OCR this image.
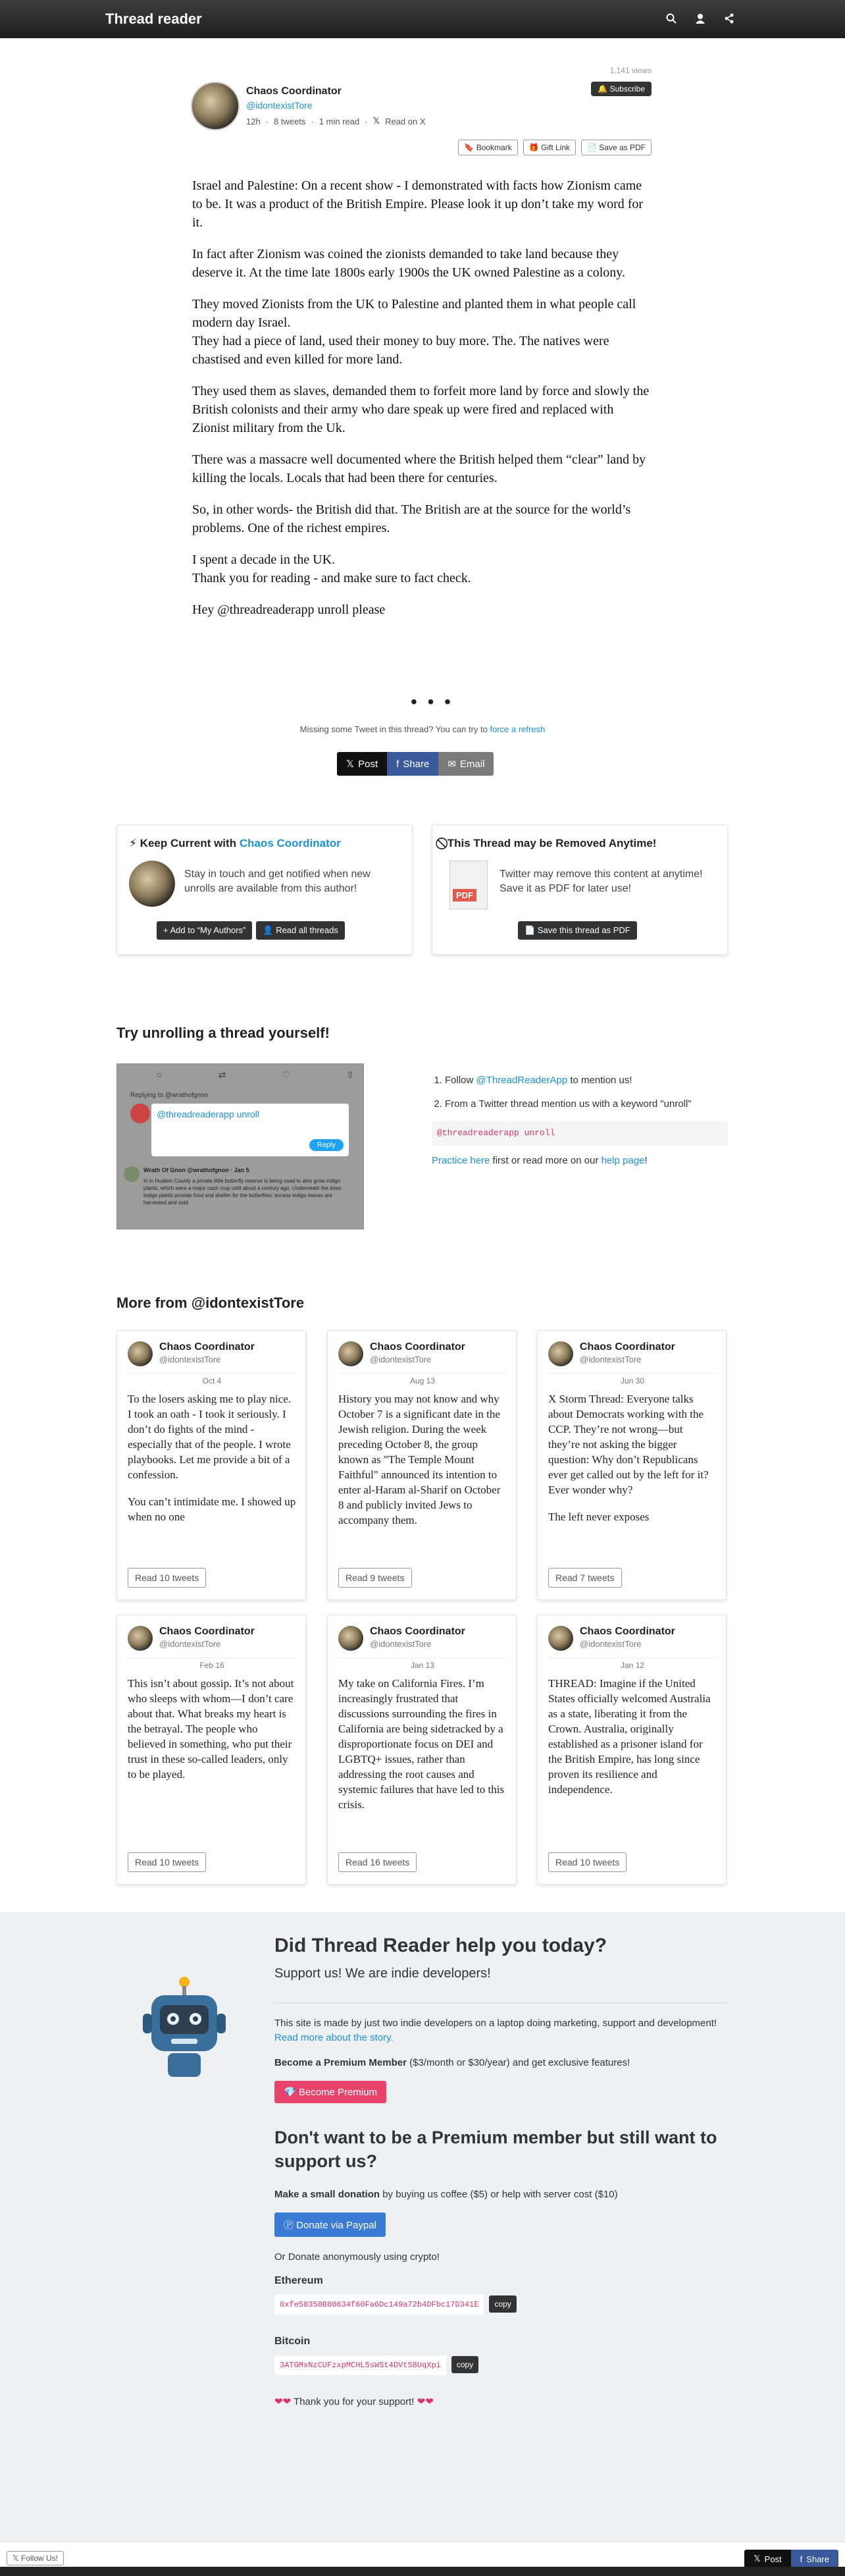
Thread reader
1,141 views
Chaos Coordinator
@idontexistTore
12h · 8 tweets · 1 min read · 𝕏 Read on X
🔔 Subscribe
🔖 Bookmark	🎁 Gift Link	📄 Save as PDF

Israel and Palestine: On a recent show - I demonstrated with facts how Zionism came to be. It was a product of the British Empire. Please look it up don’t take my word for it.

In fact after Zionism was coined the zionists demanded to take land because they deserve it. At the time late 1800s early 1900s the UK owned Palestine as a colony.

They moved Zionists from the UK to Palestine and planted them in what people call modern day Israel.
They had a piece of land, used their money to buy more. The. The natives were chastised and even killed for more land.

They used them as slaves, demanded them to forfeit more land by force and slowly the British colonists and their army who dare speak up were fired and replaced with Zionist military from the Uk.

There was a massacre well documented where the British helped them “clear” land by killing the locals. Locals that had been there for centuries.

So, in other words- the British did that. The British are at the source for the world’s problems. One of the richest empires.

I spent a decade in the UK.
Thank you for reading - and make sure to fact check.

Hey @threadreaderapp unroll please

• • •
Missing some Tweet in this thread? You can try to force a refresh
𝕏 Post f Share ✉ Email
⚡ Keep Current with Chaos Coordinator
Stay in touch and get notified when new unrolls are available from this author!
+ Add to “My Authors”	👤 Read all threads
⃠ This Thread may be Removed Anytime!
PDF
Twitter may remove this content at anytime! Save it as PDF for later use!
📄 Save this thread as PDF
Try unrolling a thread yourself!
○	⇄	♡	⇧
Replying to @wrathofgnon
@threadreaderapp unroll
Reply
Wrath Of Gnon @wrathofgnon · Jan 5
In in Hualien County a private little butterfly reserve is being used to also grow indigo plants, which were a major cash crop until about a century ago. Underneath the trees indigo plants provide food and shelter for the butterflies: excess indigo leaves are harvested and sold.
1. Follow @ThreadReaderApp to mention us!
2. From a Twitter thread mention us with a keyword "unroll"
@threadreaderapp unroll
Practice here first or read more on our help page!
More from @idontexistTore
Chaos Coordinator
@idontexistTore
Oct 4

To the losers asking me to play nice. I took an oath - I took it seriously. I don’t do fights of the mind - especially that of the people. I wrote playbooks. Let me provide a bit of a confession.

You can’t intimidate me. I showed up when no one

Read 10 tweets
Chaos Coordinator
@idontexistTore
Aug 13

History you may not know and why October 7 is a significant date in the Jewish religion. During the week preceding October 8, the group known as "The Temple Mount Faithful" announced its intention to enter al-Haram al-Sharif on October 8 and publicly invited Jews to accompany them.

Read 9 tweets
Chaos Coordinator
@idontexistTore
Jun 30

X Storm Thread: Everyone talks about Democrats working with the CCP. They’re not wrong—but they’re not asking the bigger question: Why don’t Republicans ever get called out by the left for it? Ever wonder why?

The left never exposes

Read 7 tweets
Chaos Coordinator
@idontexistTore
Feb 16

This isn’t about gossip. It’s not about who sleeps with whom—I don’t care about that. What breaks my heart is the betrayal. The people who believed in something, who put their trust in these so-called leaders, only to be played.

Read 10 tweets
Chaos Coordinator
@idontexistTore
Jan 13

My take on California Fires. I’m increasingly frustrated that discussions surrounding the fires in California are being sidetracked by a disproportionate focus on DEI and LGBTQ+ issues, rather than addressing the root causes and systemic failures that have led to this crisis.

Read 16 tweets
Chaos Coordinator
@idontexistTore
Jan 12

THREAD: Imagine if the United States officially welcomed Australia as a state, liberating it from the Crown. Australia, originally established as a prisoner island for the British Empire, has long since proven its resilience and independence.

Read 10 tweets
Did Thread Reader help you today?
Support us! We are indie developers!
This site is made by just two indie developers on a laptop doing marketing, support and development! Read more about the story.
Become a Premium Member ($3/month or $30/year) and get exclusive features!
💎 Become Premium
Don't want to be a Premium member but still want to support us?
Make a small donation by buying us coffee ($5) or help with server cost ($10)
Ⓟ Donate via Paypal
Or Donate anonymously using crypto!
Ethereum
0xfe58350B80634f60Fa6Dc149a72b4DFbc17D341E copy
Bitcoin
3ATGMxNzCUFzxpMCHL5sWSt4DVtS8UqXpi copy
❤❤ Thank you for your support! ❤❤
𝕏 Follow Us!	𝕏 Post f Share
